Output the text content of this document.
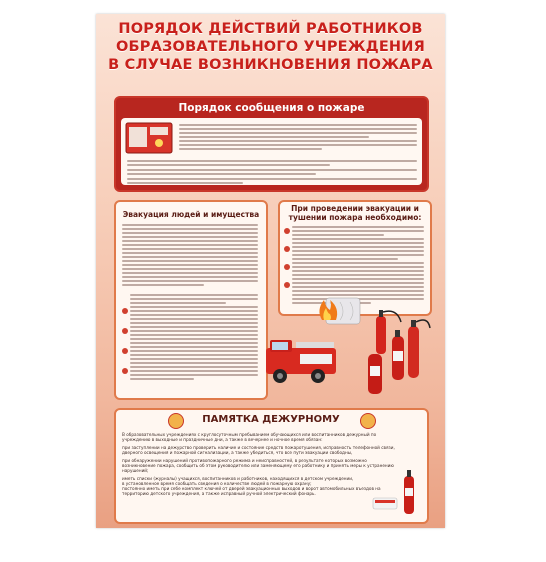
ПОРЯДОК ДЕЙСТВИЙ РАБОТНИКОВ
ОБРАЗОВАТЕЛЬНОГО УЧРЕЖДЕНИЯ
В СЛУЧАЕ ВОЗНИКНОВЕНИЯ ПОЖАРА
Порядок сообщения о пожаре
Эвакуация людей и имущества
При проведении эвакуации и
тушении пожара необходимо:
ПАМЯТКА ДЕЖУРНОМУ
В образовательных учреждениях с круглосуточным пребыванием обучающихся или воспитанников дежурный по
учреждению в выходные и праздничные дни, а также в вечернее и ночное время обязан:
при заступлении на дежурство проверить наличие и состояние средств пожаротушения, исправность телефонной связи,
дверного освещения и пожарной сигнализации, а также убедиться, что все пути эвакуации свободны,
при обнаружении нарушений противопожарного режима и неисправностей, в результате которых возможно
возникновение пожара, сообщить об этом руководителю или заменяющему его работнику и принять меры к устранению
нарушений;
иметь списки (журналы) учащихся, воспитанников и работников, находящихся в детском учреждении,
в установленное время сообщать сведения о количестве людей в пожарную охрану;
постоянно иметь при себе комплект ключей от дверей эвакуационных выходов и ворот автомобильных въездов на
территорию детского учреждения, а также исправный ручной электрический фонарь.
